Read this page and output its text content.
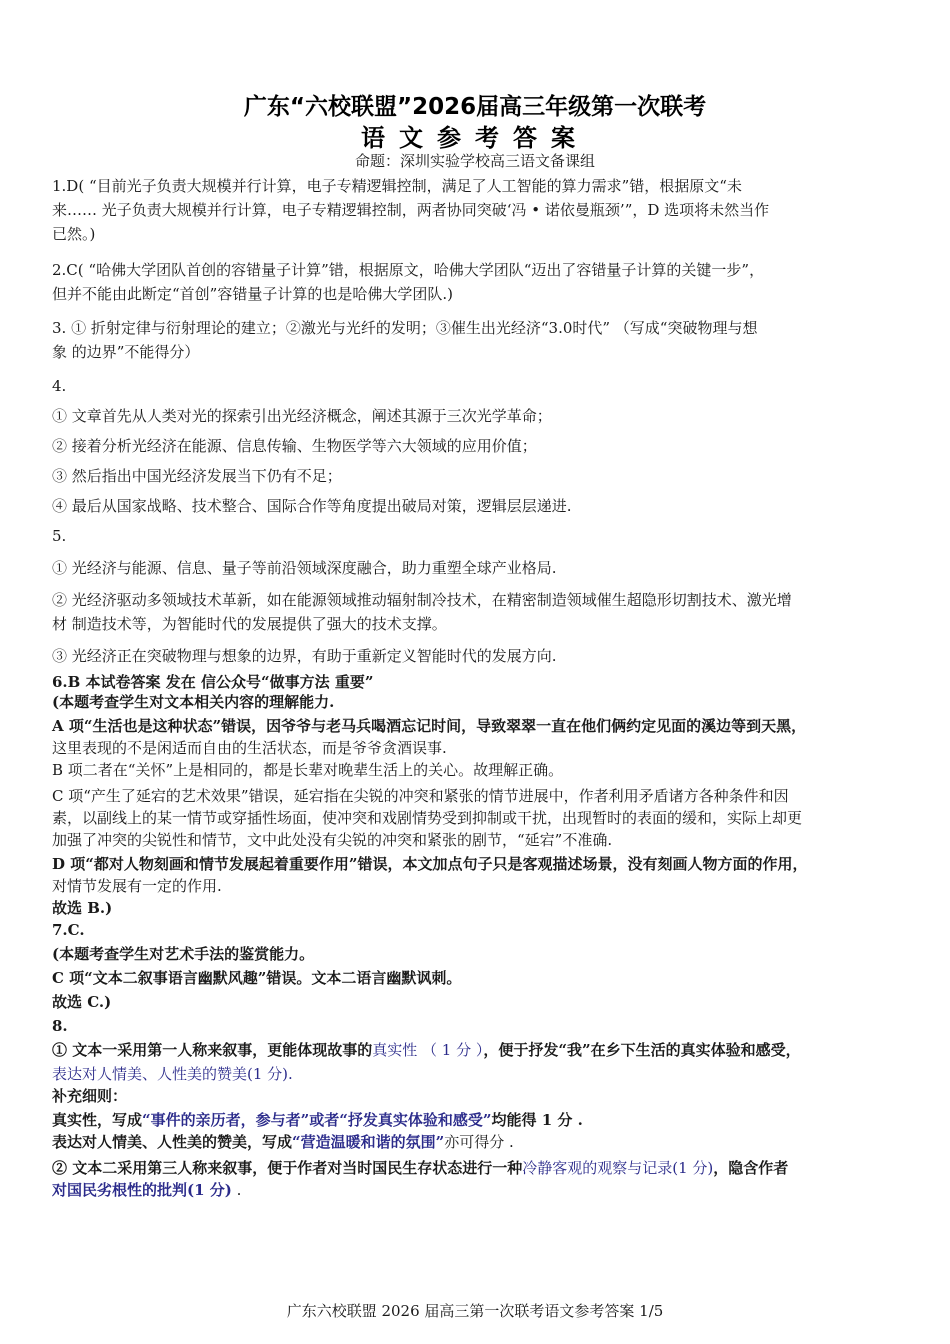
广东“六校联盟”2026届高三年级第一次联考
语文参考答案
命题：深圳实验学校高三语文备课组
1.D( “目前光子负责大规模并行计算，电子专精逻辑控制，满足了人工智能的算力需求”错，根据原文“未
来…… 光子负责大规模并行计算，电子专精逻辑控制，两者协同突破‘冯 • 诺依曼瓶颈’”，D 选项将未然当作
已然。)
2.C( “哈佛大学团队首创的容错量子计算”错，根据原文，哈佛大学团队“迈出了容错量子计算的关键一步”，
但并不能由此断定“首创”容错量子计算的也是哈佛大学团队.)
3. ① 折射定律与衍射理论的建立；②激光与光纤的发明；③催生出光经济“3.0时代” （写成“突破物理与想
象 的边界”不能得分）
4.
① 文章首先从人类对光的探索引出光经济概念，阐述其源于三次光学革命；
② 接着分析光经济在能源、信息传输、生物医学等六大领域的应用价值；
③ 然后指出中国光经济发展当下仍有不足；
④ 最后从国家战略、技术整合、国际合作等角度提出破局对策，逻辑层层递进.
5.
① 光经济与能源、信息、量子等前沿领域深度融合，助力重塑全球产业格局.
② 光经济驱动多领域技术革新，如在能源领域推动辐射制冷技术，在精密制造领域催生超隐形切割技术、激光增
材 制造技术等，为智能时代的发展提供了强大的技术支撑。
③ 光经济正在突破物理与想象的边界，有助于重新定义智能时代的发展方向.
6.B 本试卷答案 发在 信公众号“做事方法 重要”
(本题考查学生对文本相关内容的理解能力.
A 项“生活也是这种状态”错误，因爷爷与老马兵喝酒忘记时间，导致翠翠一直在他们俩约定见面的溪边等到天黑，
这里表现的不是闲适而自由的生活状态，而是爷爷贪酒误事.
B 项二者在“关怀”上是相同的，都是长辈对晚辈生活上的关心。故理解正确。
C 项“产生了延宕的艺术效果”错误，延宕指在尖锐的冲突和紧张的情节进展中，作者利用矛盾诸方各种条件和因
素，以副线上的某一情节或穿插性场面，使冲突和戏剧情势受到抑制或干扰，出现暂时的表面的缓和，实际上却更
加强了冲突的尖锐性和情节，文中此处没有尖锐的冲突和紧张的剧节，“延宕”不准确.
D 项“都对人物刻画和情节发展起着重要作用”错误，本文加点句子只是客观描述场景，没有刻画人物方面的作用，
对情节发展有一定的作用.
故选 B.)
7.C.
(本题考查学生对艺术手法的鉴赏能力。
C 项“文本二叙事语言幽默风趣”错误。文本二语言幽默讽刺。
故选 C.)
8.
① 文本一采用第一人称来叙事，更能体现故事的真实性 （ 1 分 ），便于抒发“我”在乡下生活的真实体验和感受，
表达对人情美、人性美的赞美(1 分).
补充细则：
真实性，写成“事件的亲历者，参与者”或者“抒发真实体验和感受”均能得 1 分 .
表达对人情美、人性美的赞美，写成“营造温暖和谐的氛围”亦可得分 .
② 文本二采用第三人称来叙事，便于作者对当时国民生存状态进行一种冷静客观的观察与记录(1 分)，隐含作者
对国民劣根性的批判(1 分) .
广东六校联盟 2026 届高三第一次联考语文参考答案 1/5
